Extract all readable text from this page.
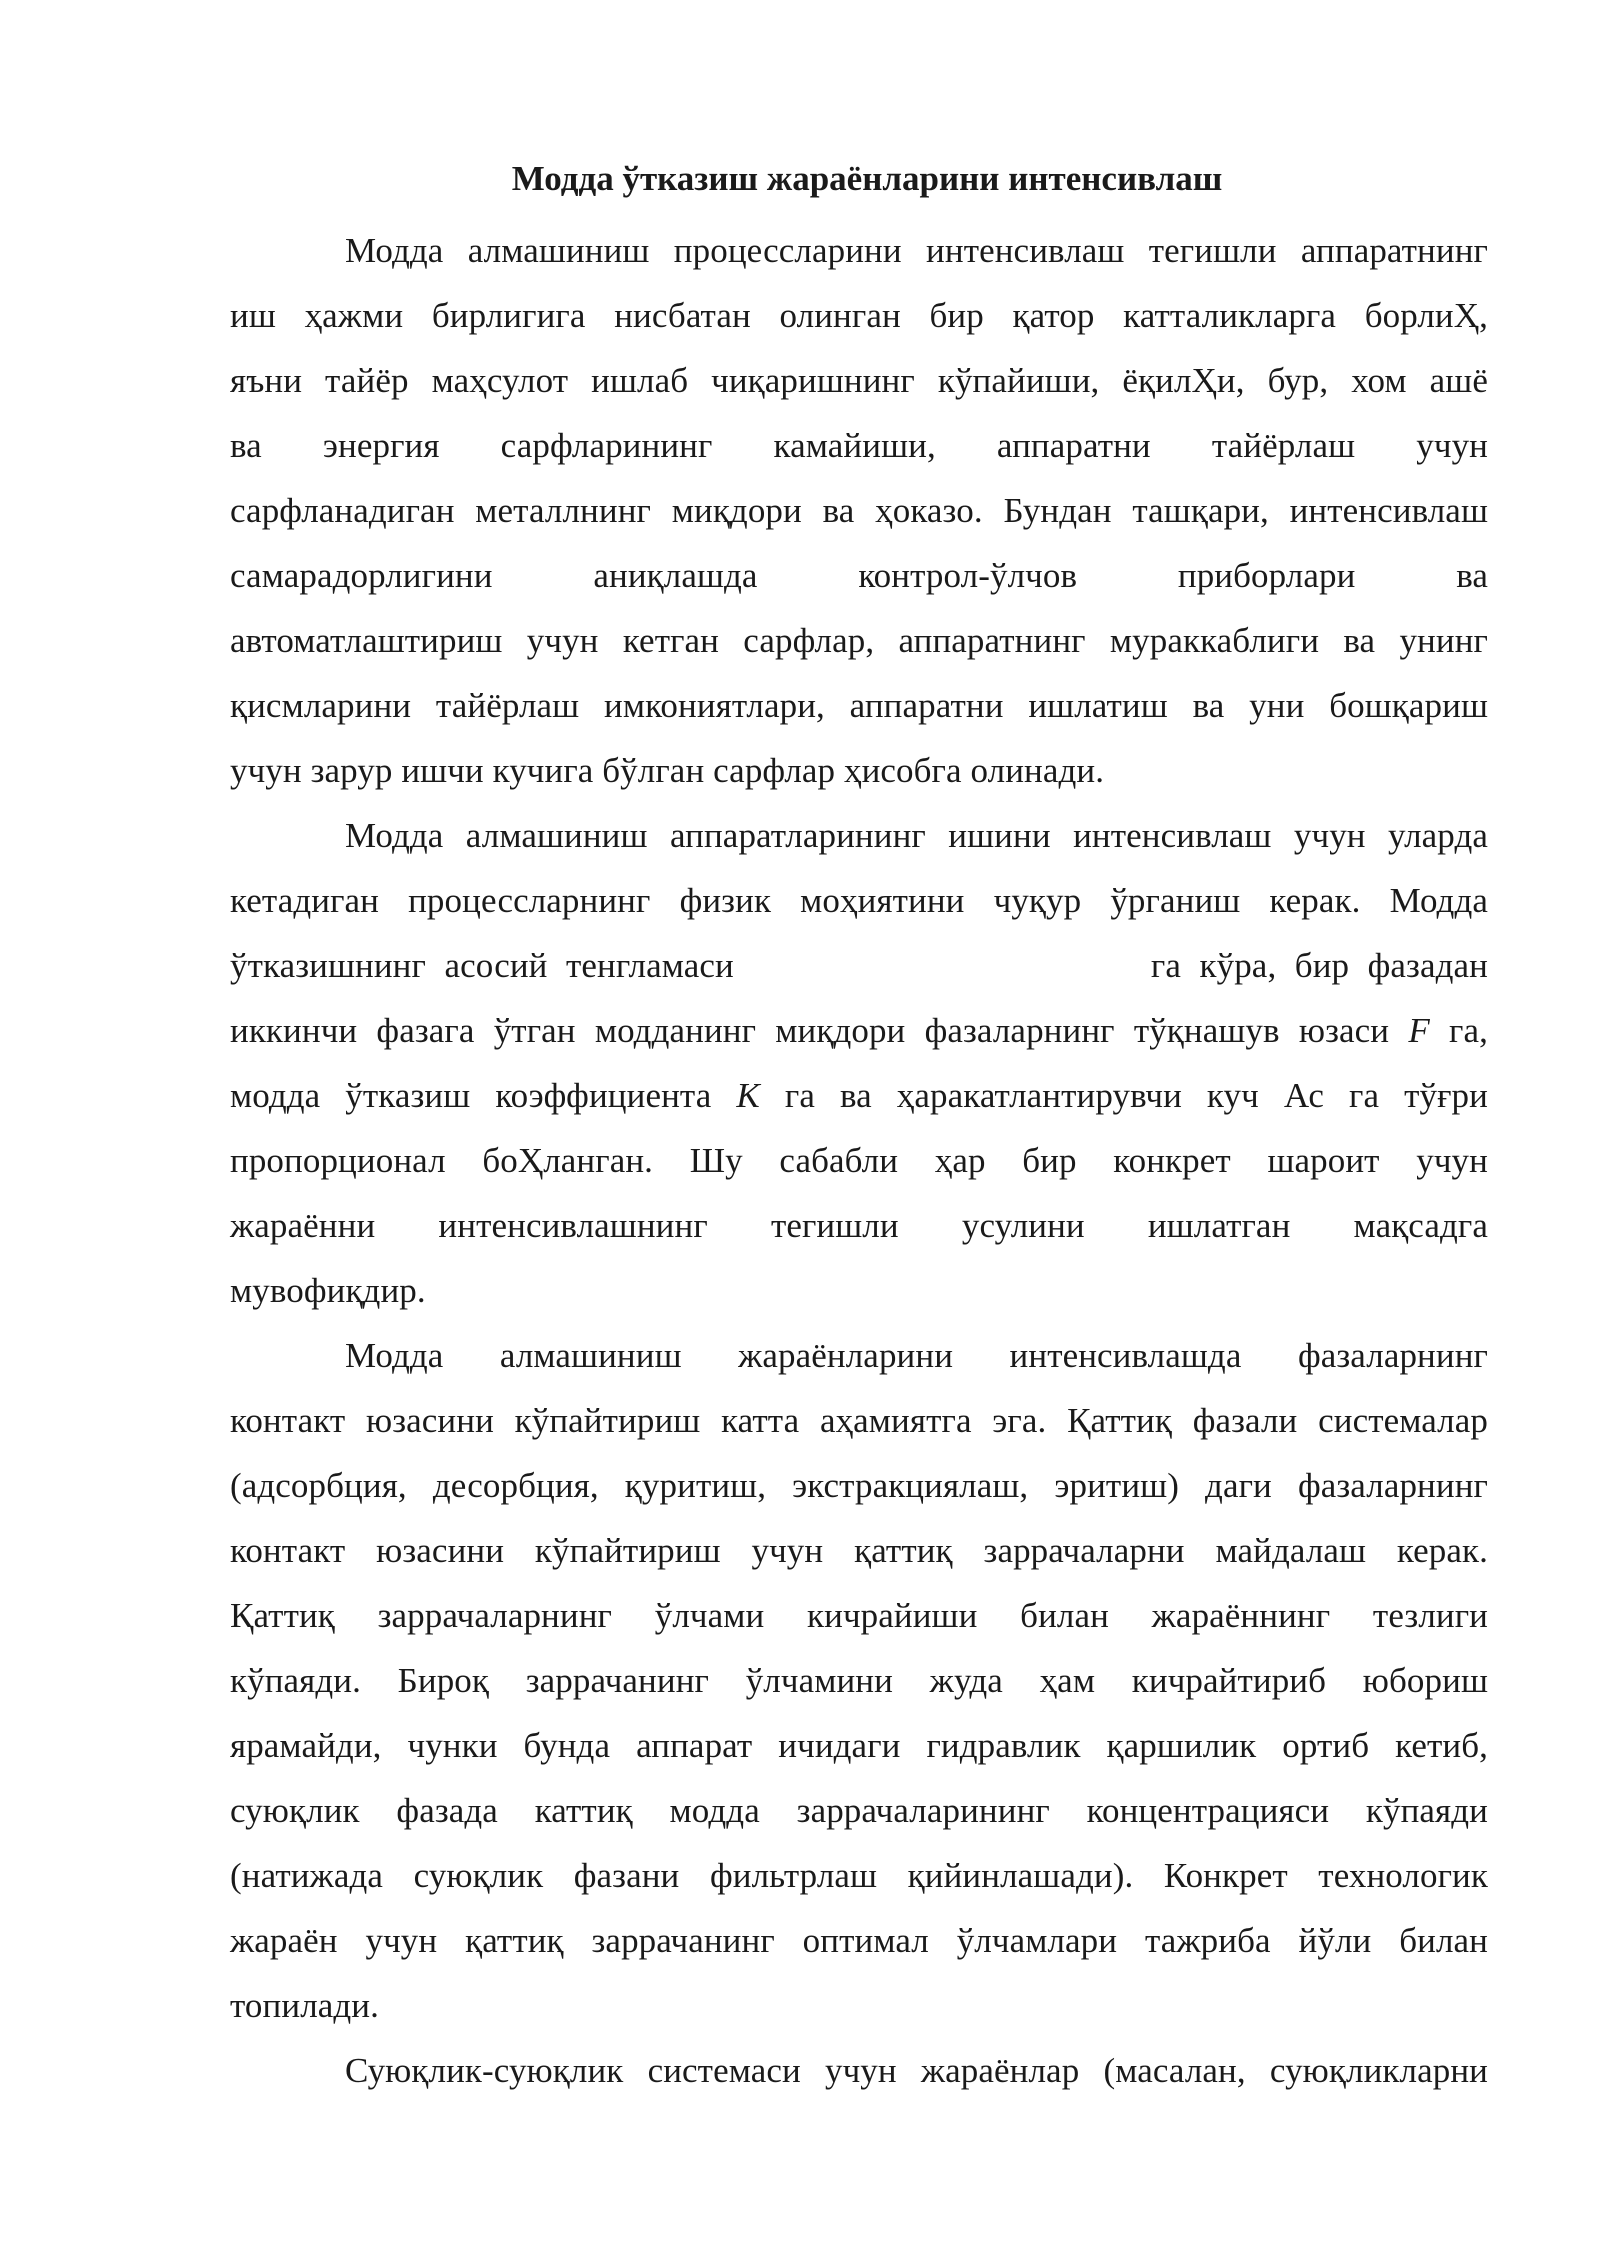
Модда ўтказиш жараёнларини интенсивлаш
Модда алмашиниш процессларини интенсивлаш тегишли аппаратнинг
иш ҳажми бирлигига нисбатан олинган бир қатор катталикларга борлиҲ,
яъни тайёр маҳсулот ишлаб чиқаришнинг кўпайиши, ёқилҲи, бур, хом ашё
ва энергия сарфларининг камайиши, аппаратни тайёрлаш учун
сарфланадиган металлнинг миқдори ва ҳоказо. Бундан ташқари, интенсивлаш
самарадорлигини аниқлашда контрол-ўлчов приборлари ва
автоматлаштириш учун кетган сарфлар, аппаратнинг мураккаблиги ва унинг
қисмларини тайёрлаш имкониятлари, аппаратни ишлатиш ва уни бошқариш
учун зарур ишчи кучига бўлган сарфлар ҳисобга олинади.
Модда алмашиниш аппаратларининг ишини интенсивлаш учун уларда
кетадиган процессларнинг физик моҳиятини чуқур ўрганиш керак. Модда
ўтказишнинг асосий тенгламаси	га кўра, бир фазадан
иккинчи фазага ўтган модданинг миқдори фазаларнинг тўқнашув юзаси F га,
модда ўтказиш коэффициента K га ва ҳаракатлантирувчи куч Ас га тўғри
пропорционал боҲланган. Шу сабабли ҳар бир конкрет шароит учун
жараённи интенсивлашнинг тегишли усулини ишлатган мақсадга
мувофиқдир.
Модда алмашиниш жараёнларини интенсивлашда фазаларнинг
контакт юзасини кўпайтириш катта аҳамиятга эга. Қаттиқ фазали системалар
(адсорбция, десорбция, қуритиш, экстракциялаш, эритиш) даги фазаларнинг
контакт юзасини кўпайтириш учун қаттиқ заррачаларни майдалаш керак.
Қаттиқ заррачаларнинг ўлчами кичрайиши билан жараённинг тезлиги
кўпаяди. Бироқ заррачанинг ўлчамини жуда ҳам кичрайтириб юбориш
ярамайди, чунки бунда аппарат ичидаги гидравлик қаршилик ортиб кетиб,
суюқлик фазада каттиқ модда заррачаларининг концентрацияси кўпаяди
(натижада суюқлик фазани фильтрлаш қийинлашади). Конкрет технологик
жараён учун қаттиқ заррачанинг оптимал ўлчамлари тажриба йўли билан
топилади.
Суюқлик-суюқлик системаси учун жараёнлар (масалан, суюқликларни
